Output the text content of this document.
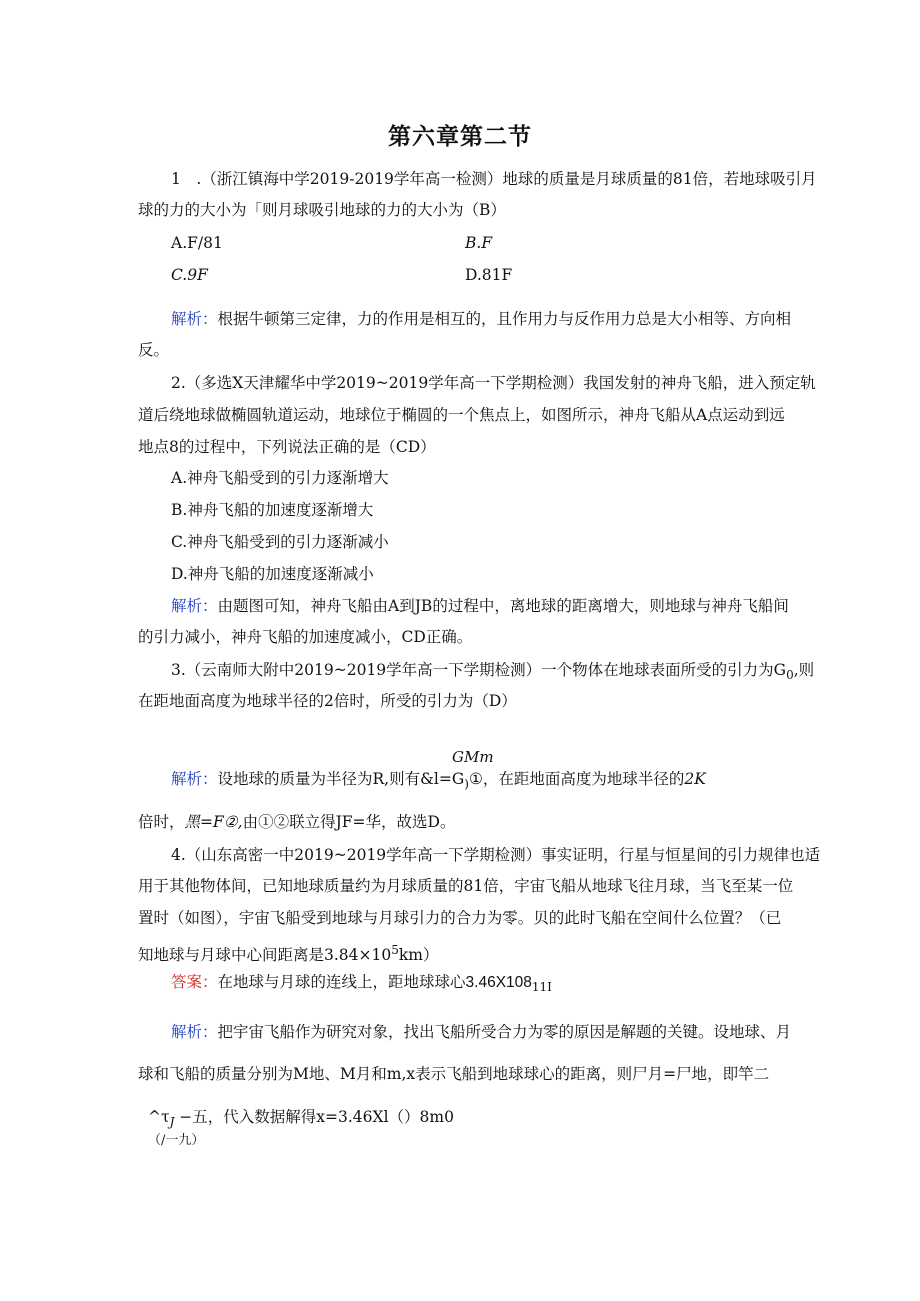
第六章第二节
1　.（浙江镇海中学2019-2019学年高一检测）地球的质量是月球质量的81倍，若地球吸引月
球的力的大小为「则月球吸引地球的力的大小为（B）
A.F/81	B.F
C.9F	D.81F
解析：根据牛顿第三定律，力的作用是相互的，且作用力与反作用力总是大小相等、方向相
反。
2.（多选X天津耀华中学2019~2019学年高一下学期检测）我国发射的神舟飞船，进入预定轨
道后绕地球做椭圆轨道运动，地球位于椭圆的一个焦点上，如图所示，神舟飞船从A点运动到远
地点8的过程中，下列说法正确的是（CD）
A.神舟飞船受到的引力逐渐增大
B.神舟飞船的加速度逐渐增大
C.神舟飞船受到的引力逐渐减小
D.神舟飞船的加速度逐渐减小
解析：由题图可知，神舟飞船由A到JB的过程中，离地球的距离增大，则地球与神舟飞船间
的引力减小，神舟飞船的加速度减小，CD正确。
3.（云南师大附中2019~2019学年高一下学期检测）一个物体在地球表面所受的引力为$G_0$,则
在距地面高度为地球半径的2倍时，所受的引力为（D）
GMm
解析：设地球的质量为半径为R,则有$\&l=G_)①$，在距地面高度为地球半径的2K
倍时，黑=F②,由①②联立得JF=华，故选D。
4.（山东高密一中2019~2019学年高一下学期检测）事实证明，行星与恒星间的引力规律也适
用于其他物体间，已知地球质量约为月球质量的81倍，宇宙飞船从地球飞往月球，当飞至某一位
置时（如图），宇宙飞船受到地球与月球引力的合力为零。贝的此时飞船在空间什么位置？（已
知地球与月球中心间距离是$3.84\times 10^5km$）
答案：在地球与月球的连线上，距地球球心$3.46X108_{11I}$
解析：把宇宙飞船作为研究对象，找出飞船所受合力为零的原因是解题的关键。设地球、月
球和飞船的质量分别为M地、M月和m,x表示飞船到地球球心的距离，则尸月=尸地，即竿二
$\^{}\tau_J$ −五，代入数据解得x=3.46Xl（）8m0
（/一九）
